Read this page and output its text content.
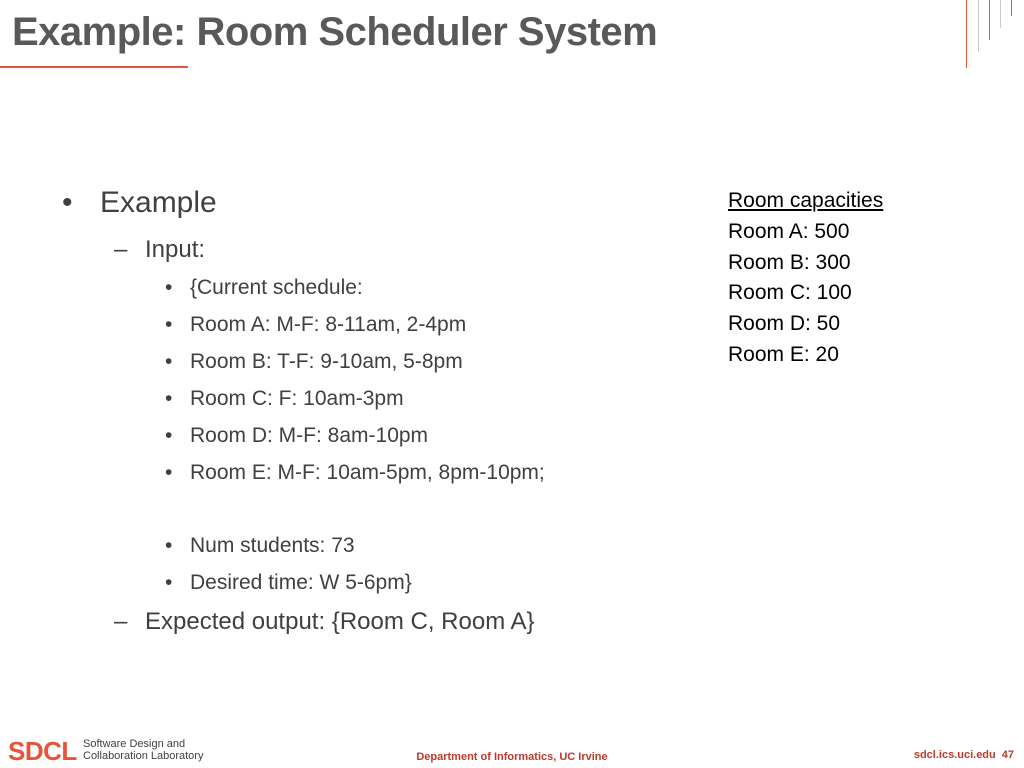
Example: Room Scheduler System
• Example
– Input:
• {Current schedule:
• Room A: M-F: 8-11am, 2-4pm
• Room B: T-F: 9-10am, 5-8pm
• Room C: F: 10am-3pm
• Room D: M-F: 8am-10pm
• Room E: M-F: 10am-5pm, 8pm-10pm;
• Num students: 73
• Desired time: W 5-6pm}
– Expected output: {Room C, Room A}
Room capacities
Room A: 500
Room B: 300
Room C: 100
Room D: 50
Room E: 20
SDCL Software Design and
Collaboration Laboratory	Department of Informatics, UC Irvine	sdcl.ics.uci.edu 47
